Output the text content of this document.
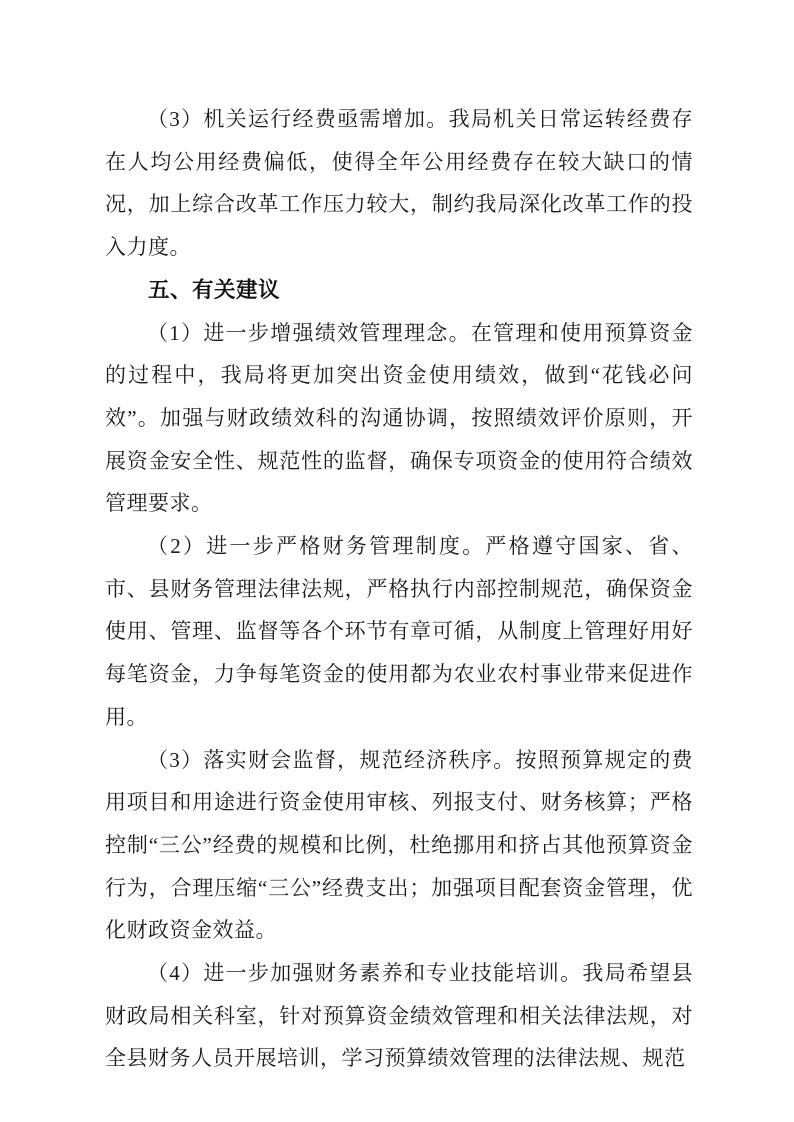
（3）机关运行经费亟需增加。我局机关日常运转经费存在人均公用经费偏低，使得全年公用经费存在较大缺口的情况，加上综合改革工作压力较大，制约我局深化改革工作的投入力度。

五、有关建议

（1）进一步增强绩效管理理念。在管理和使用预算资金的过程中，我局将更加突出资金使用绩效，做到“花钱必问效”。加强与财政绩效科的沟通协调，按照绩效评价原则，开展资金安全性、规范性的监督，确保专项资金的使用符合绩效管理要求。

（2）进一步严格财务管理制度。严格遵守国家、省、市、县财务管理法律法规，严格执行内部控制规范，确保资金使用、管理、监督等各个环节有章可循，从制度上管理好用好每笔资金，力争每笔资金的使用都为农业农村事业带来促进作用。

（3）落实财会监督，规范经济秩序。按照预算规定的费用项目和用途进行资金使用审核、列报支付、财务核算；严格控制“三公”经费的规模和比例，杜绝挪用和挤占其他预算资金行为，合理压缩“三公”经费支出；加强项目配套资金管理，优化财政资金效益。

（4）进一步加强财务素养和专业技能培训。我局希望县财政局相关科室，针对预算资金绩效管理和相关法律法规，对全县财务人员开展培训，学习预算绩效管理的法律法规、规范
